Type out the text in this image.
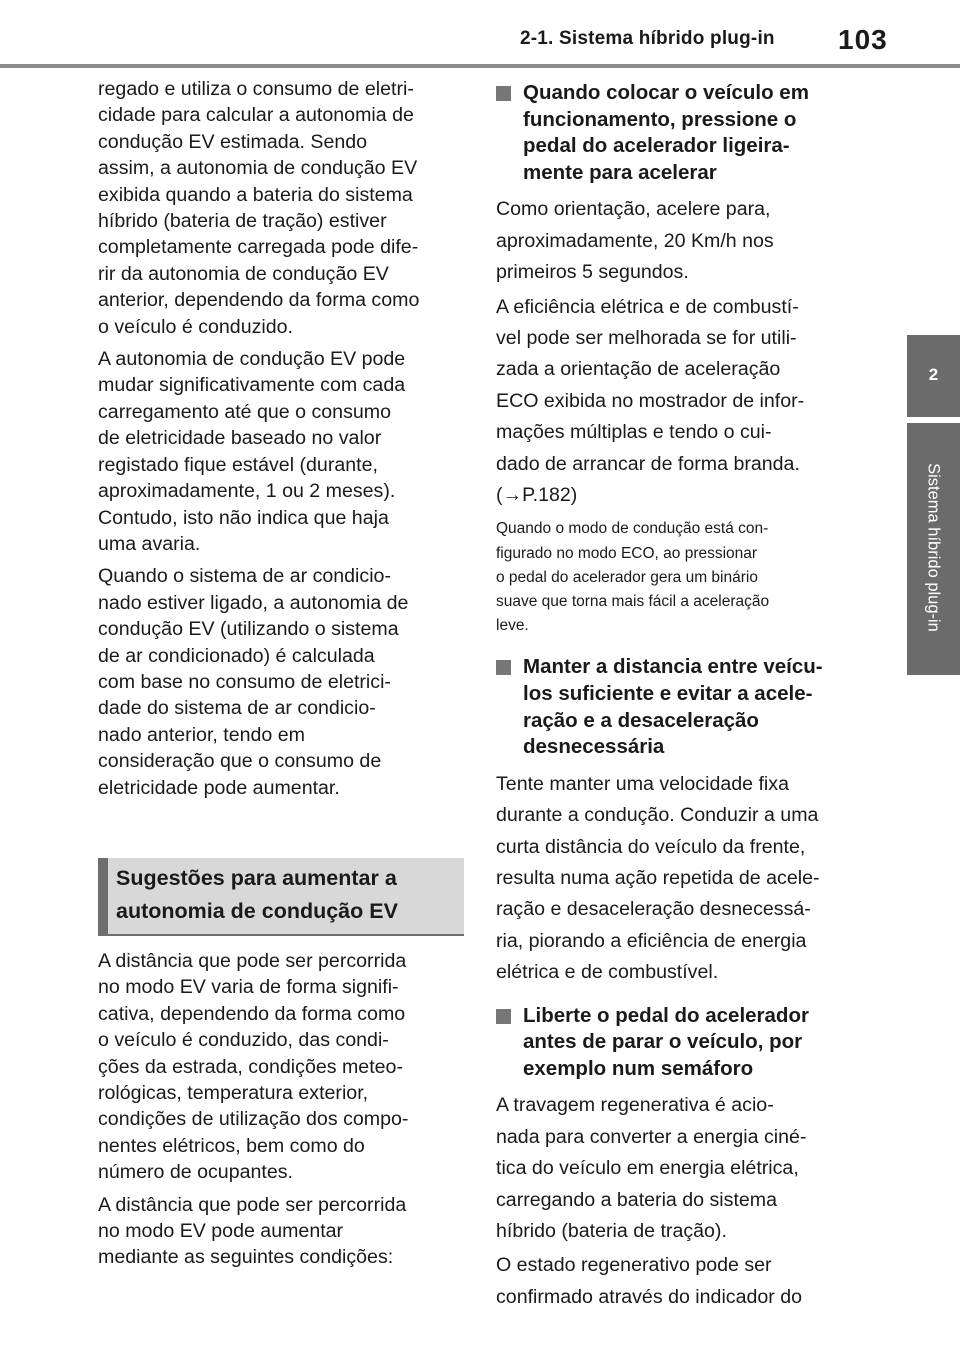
2-1. Sistema híbrido plug-in 103
2
Sistema híbrido plug-in

regado e utiliza o consumo de eletri-
cidade para calcular a autonomia de
condução EV estimada. Sendo
assim, a autonomia de condução EV
exibida quando a bateria do sistema
híbrido (bateria de tração) estiver
completamente carregada pode dife-
rir da autonomia de condução EV
anterior, dependendo da forma como
o veículo é conduzido.

A autonomia de condução EV pode
mudar significativamente com cada
carregamento até que o consumo
de eletricidade baseado no valor
registado fique estável (durante,
aproximadamente, 1 ou 2 meses).
Contudo, isto não indica que haja
uma avaria.

Quando o sistema de ar condicio-
nado estiver ligado, a autonomia de
condução EV (utilizando o sistema
de ar condicionado) é calculada
com base no consumo de eletrici-
dade do sistema de ar condicio-
nado anterior, tendo em
consideração que o consumo de
eletricidade pode aumentar.

Sugestões para aumentar a
autonomia de condução EV

A distância que pode ser percorrida
no modo EV varia de forma signifi-
cativa, dependendo da forma como
o veículo é conduzido, das condi-
ções da estrada, condições meteo-
rológicas, temperatura exterior,
condições de utilização dos compo-
nentes elétricos, bem como do
número de ocupantes.

A distância que pode ser percorrida
no modo EV pode aumentar
mediante as seguintes condições:

Quando colocar o veículo em
funcionamento, pressione o
pedal do acelerador ligeira-
mente para acelerar

Como orientação, acelere para,
aproximadamente, 20 Km/h nos
primeiros 5 segundos.

A eficiência elétrica e de combustí-
vel pode ser melhorada se for utili-
zada a orientação de aceleração
ECO exibida no mostrador de infor-
mações múltiplas e tendo o cui-
dado de arrancar de forma branda.
(→P.182)

Quando o modo de condução está con-
figurado no modo ECO, ao pressionar
o pedal do acelerador gera um binário
suave que torna mais fácil a aceleração
leve.

Manter a distancia entre veícu-
los suficiente e evitar a acele-
ração e a desaceleração
desnecessária

Tente manter uma velocidade fixa
durante a condução. Conduzir a uma
curta distância do veículo da frente,
resulta numa ação repetida de acele-
ração e desaceleração desnecessá-
ria, piorando a eficiência de energia
elétrica e de combustível.

Liberte o pedal do acelerador
antes de parar o veículo, por
exemplo num semáforo

A travagem regenerativa é acio-
nada para converter a energia ciné-
tica do veículo em energia elétrica,
carregando a bateria do sistema
híbrido (bateria de tração).

O estado regenerativo pode ser
confirmado através do indicador do
